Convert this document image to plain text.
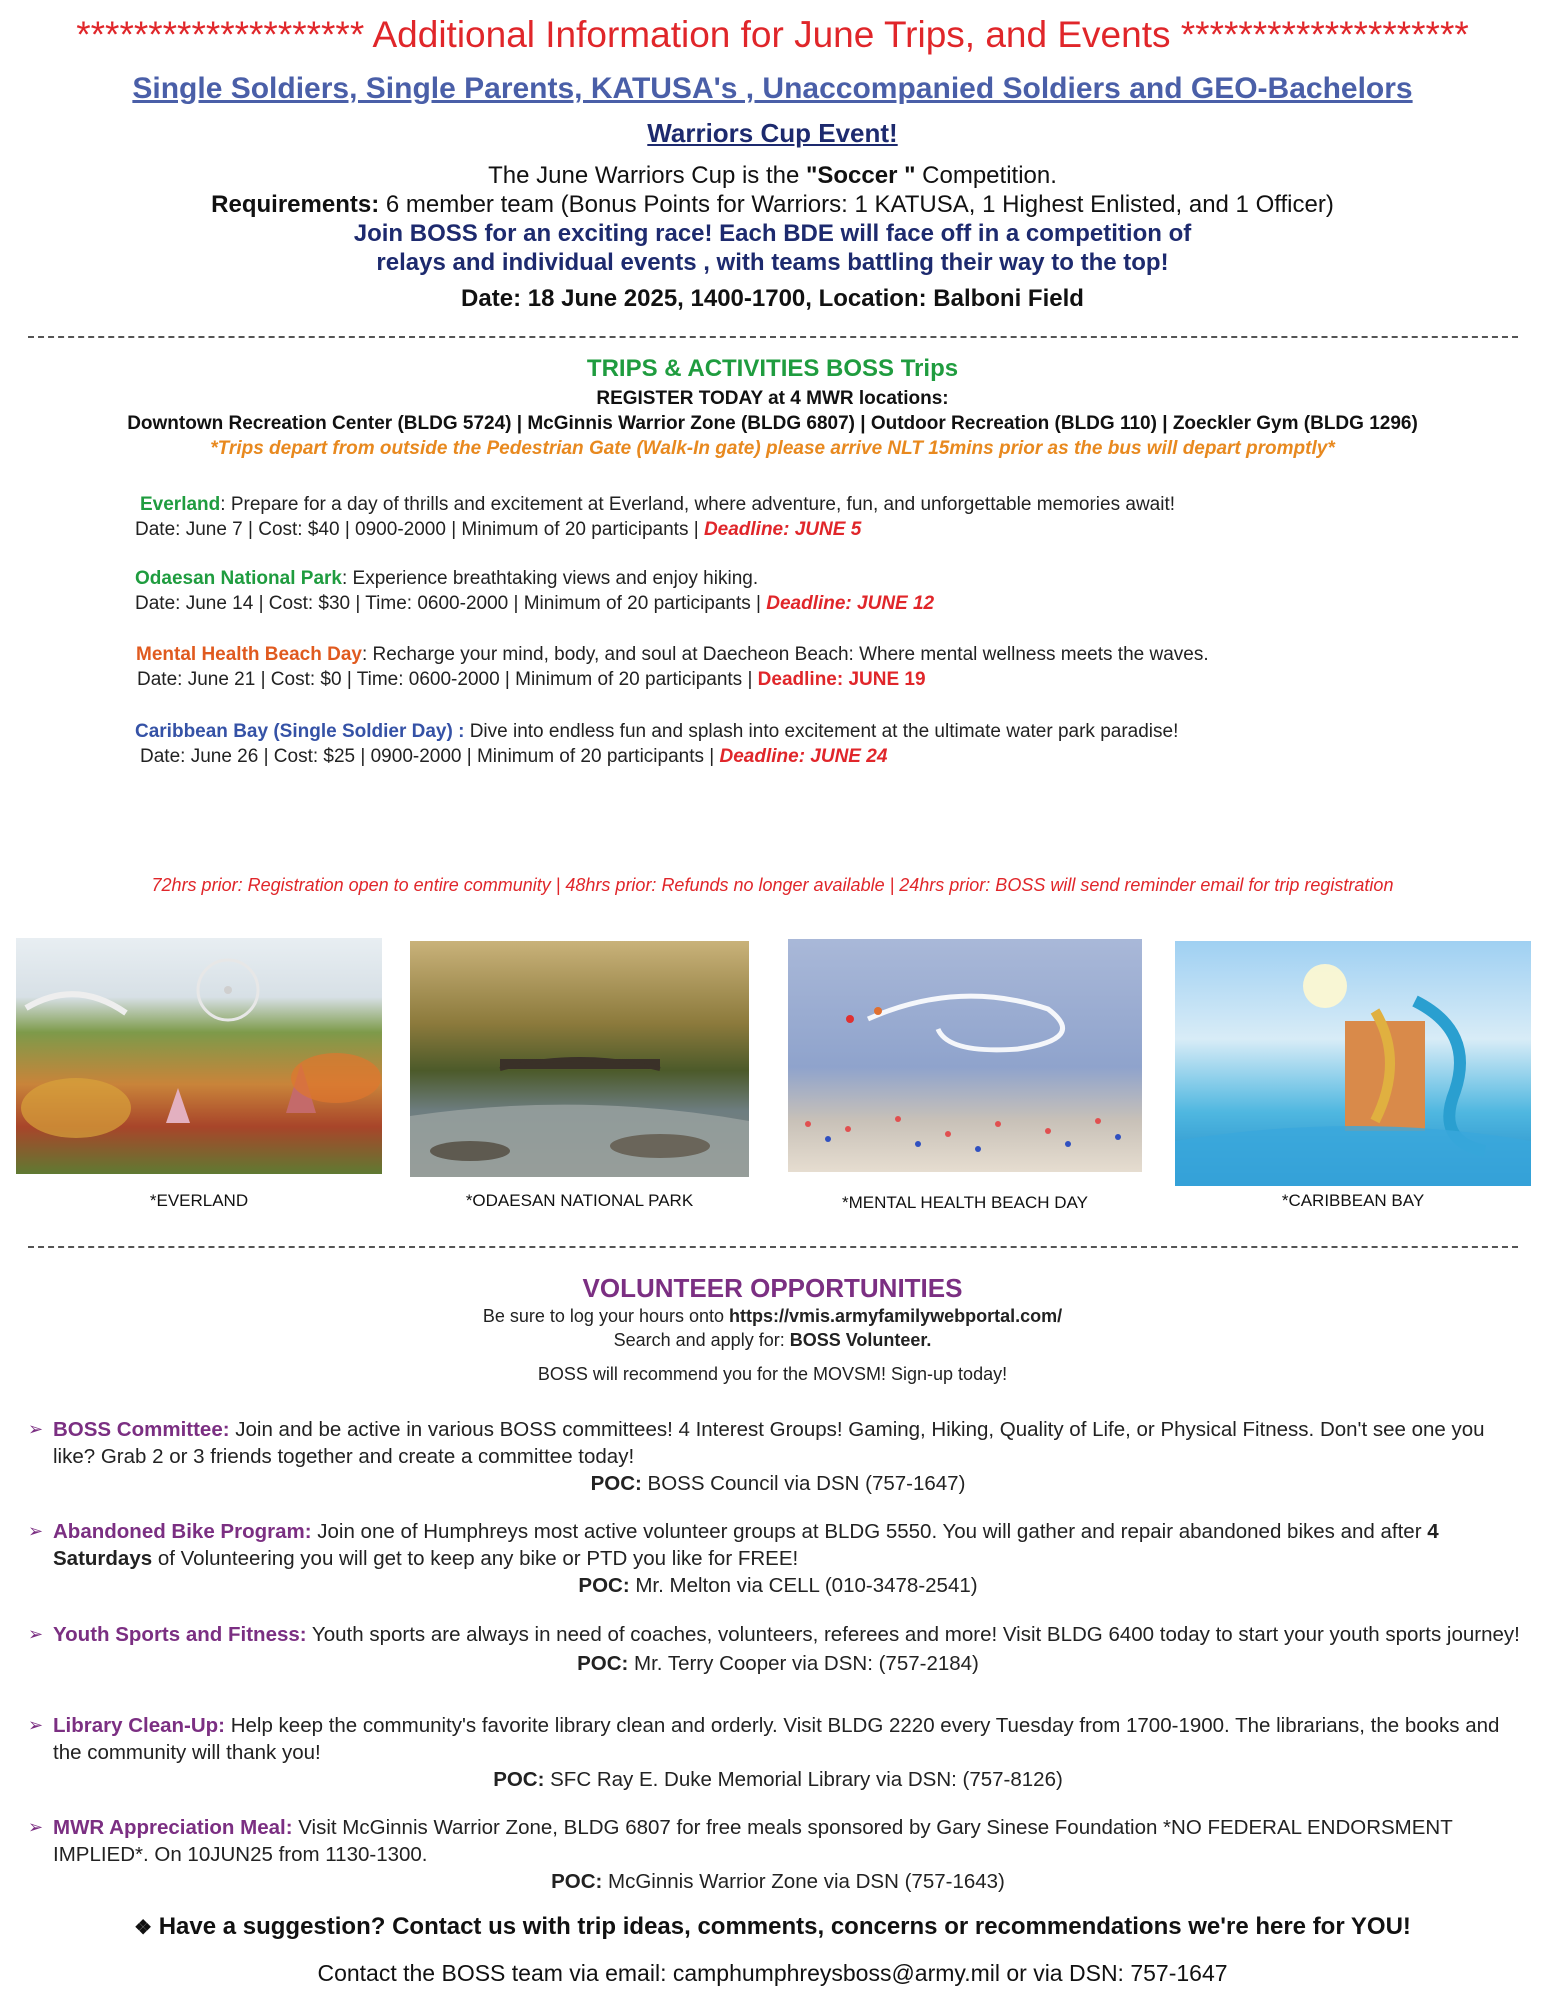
******************** Additional Information for June Trips, and Events ********************
Single Soldiers, Single Parents, KATUSA's , Unaccompanied Soldiers and GEO-Bachelors
Warriors Cup Event!
The June Warriors Cup is the "Soccer " Competition.
Requirements: 6 member team (Bonus Points for Warriors: 1 KATUSA, 1 Highest Enlisted, and 1 Officer)
Join BOSS for an exciting race! Each BDE will face off in a competition of
relays and individual events , with teams battling their way to the top!
Date: 18 June 2025, 1400-1700, Location: Balboni Field
TRIPS & ACTIVITIES BOSS Trips
REGISTER TODAY at 4 MWR locations:
Downtown Recreation Center (BLDG 5724) | McGinnis Warrior Zone (BLDG 6807) | Outdoor Recreation (BLDG 110) | Zoeckler Gym (BLDG 1296)
*Trips depart from outside the Pedestrian Gate (Walk-In gate) please arrive NLT 15mins prior as the bus will depart promptly*
Everland: Prepare for a day of thrills and excitement at Everland, where adventure, fun, and unforgettable memories await!
Date: June 7 | Cost: $40 | 0900-2000 | Minimum of 20 participants | Deadline: JUNE 5
Odaesan National Park: Experience breathtaking views and enjoy hiking.
Date: June 14 | Cost: $30 | Time: 0600-2000 | Minimum of 20 participants | Deadline: JUNE 12
Mental Health Beach Day: Recharge your mind, body, and soul at Daecheon Beach: Where mental wellness meets the waves.
Date: June 21 | Cost: $0 | Time: 0600-2000 | Minimum of 20 participants | Deadline: JUNE 19
Caribbean Bay (Single Soldier Day) : Dive into endless fun and splash into excitement at the ultimate water park paradise!
Date: June 26 | Cost: $25 | 0900-2000 | Minimum of 20 participants | Deadline: JUNE 24
72hrs prior: Registration open to entire community | 48hrs prior: Refunds no longer available | 24hrs prior: BOSS will send reminder email for trip registration
*EVERLAND	*ODAESAN NATIONAL PARK	*MENTAL HEALTH BEACH DAY	*CARIBBEAN BAY
VOLUNTEER OPPORTUNITIES
Be sure to log your hours onto https://vmis.armyfamilywebportal.com/
Search and apply for: BOSS Volunteer.
BOSS will recommend you for the MOVSM! Sign-up today!
➢ BOSS Committee: Join and be active in various BOSS committees! 4 Interest Groups! Gaming, Hiking, Quality of Life, or Physical Fitness. Don't see one you like? Grab 2 or 3 friends together and create a committee today!
POC: BOSS Council via DSN (757-1647)
➢ Abandoned Bike Program: Join one of Humphreys most active volunteer groups at BLDG 5550. You will gather and repair abandoned bikes and after 4 Saturdays of Volunteering you will get to keep any bike or PTD you like for FREE!
POC: Mr. Melton via CELL (010-3478-2541)
➢ Youth Sports and Fitness: Youth sports are always in need of coaches, volunteers, referees and more! Visit BLDG 6400 today to start your youth sports journey!
POC: Mr. Terry Cooper via DSN: (757-2184)
➢ Library Clean-Up: Help keep the community's favorite library clean and orderly. Visit BLDG 2220 every Tuesday from 1700-1900. The librarians, the books and the community will thank you!
POC: SFC Ray E. Duke Memorial Library via DSN: (757-8126)
➢ MWR Appreciation Meal: Visit McGinnis Warrior Zone, BLDG 6807 for free meals sponsored by Gary Sinese Foundation *NO FEDERAL ENDORSMENT IMPLIED*. On 10JUN25 from 1130-1300.
POC: McGinnis Warrior Zone via DSN (757-1643)
❖ Have a suggestion? Contact us with trip ideas, comments, concerns or recommendations we're here for YOU!
Contact the BOSS team via email: camphumphreysboss@army.mil or via DSN: 757-1647
